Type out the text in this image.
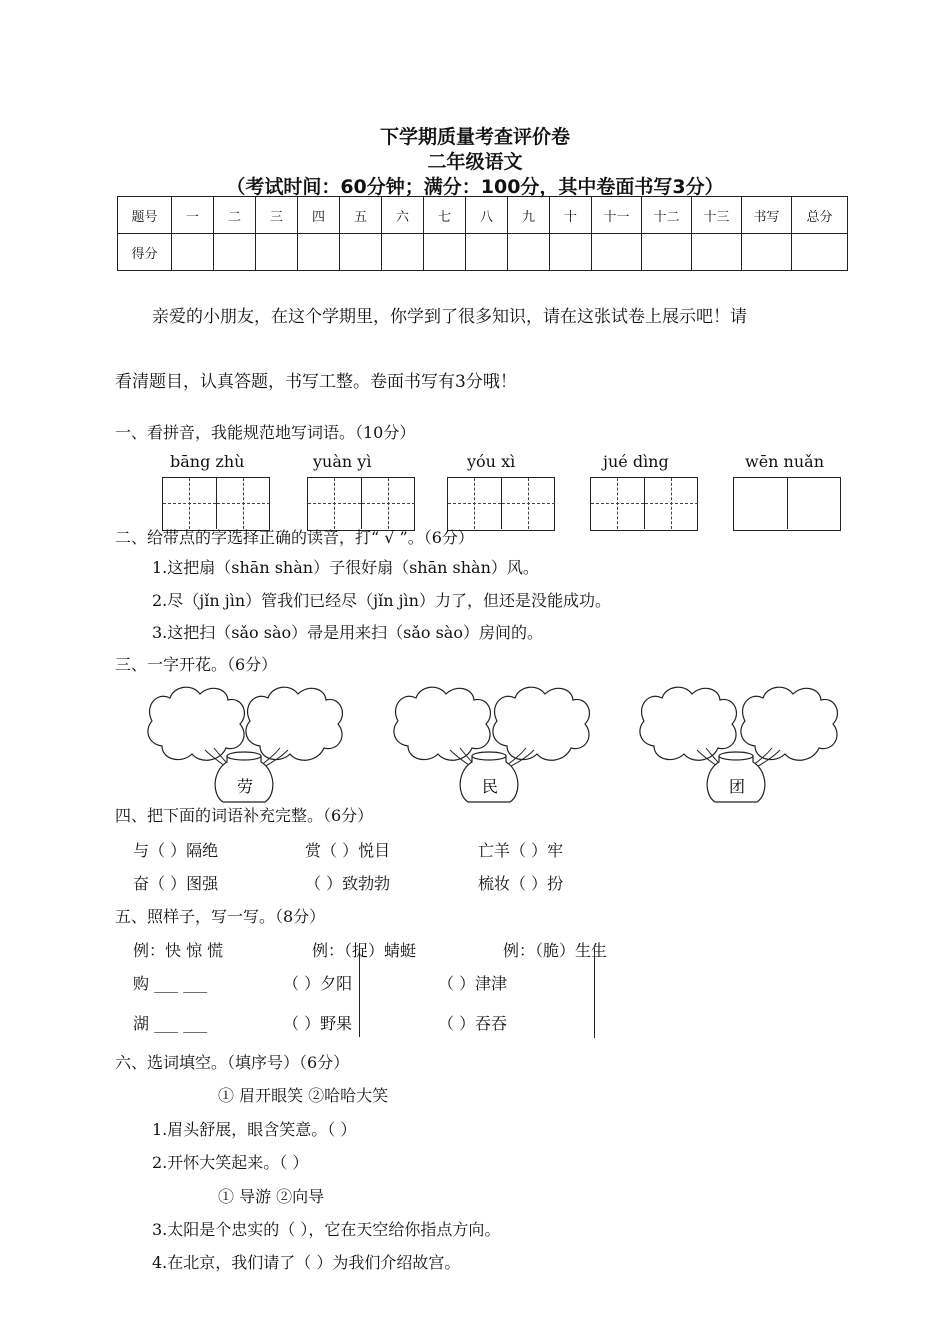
下学期质量考查评价卷
二年级语文
（考试时间：60分钟；满分：100分，其中卷面书写3分）
题号	一	二	三	四	五	六	七	八	九	十	十一	十二	十三	书写	总分
得分															
亲爱的小朋友，在这个学期里，你学到了很多知识，请在这张试卷上展示吧！请
看清题目，认真答题，书写工整。卷面书写有3分哦！
一、看拼音，我能规范地写词语。（10分）
bāng zhù	yuàn yì	yóu xì	jué dìng	wēn nuǎn
二、给带点的字选择正确的读音，打“ √ ”。（6分）
1.这把扇（shān shàn）子很好扇（shān shàn）风。
2.尽（jǐn jìn）管我们已经尽（jǐn jìn）力了，但还是没能成功。
3.这把扫（sǎo sào）帚是用来扫（sǎo sào）房间的。
三、一字开花。（6分）
劳	民	团
四、把下面的词语补充完整。（6分）
与（ ）隔绝	赏（ ）悦目	亡羊（ ）牢
奋（ ）图强	（ ）致勃勃	梳妆（ ）扮
五、照样子，写一写。（8分）
例：快 惊 慌	例：（捉）蜻蜓	例：（脆）生生
购 ___ ___	（ ）夕阳	（ ）津津
湖 ___ ___	（ ）野果	（ ）吞吞
六、选词填空。（填序号）（6分）
① 眉开眼笑 ②哈哈大笑
1.眉头舒展，眼含笑意。（ ）
2.开怀大笑起来。（ ）
① 导游 ②向导
3.太阳是个忠实的（ ），它在天空给你指点方向。
4.在北京，我们请了（ ）为我们介绍故宫。
